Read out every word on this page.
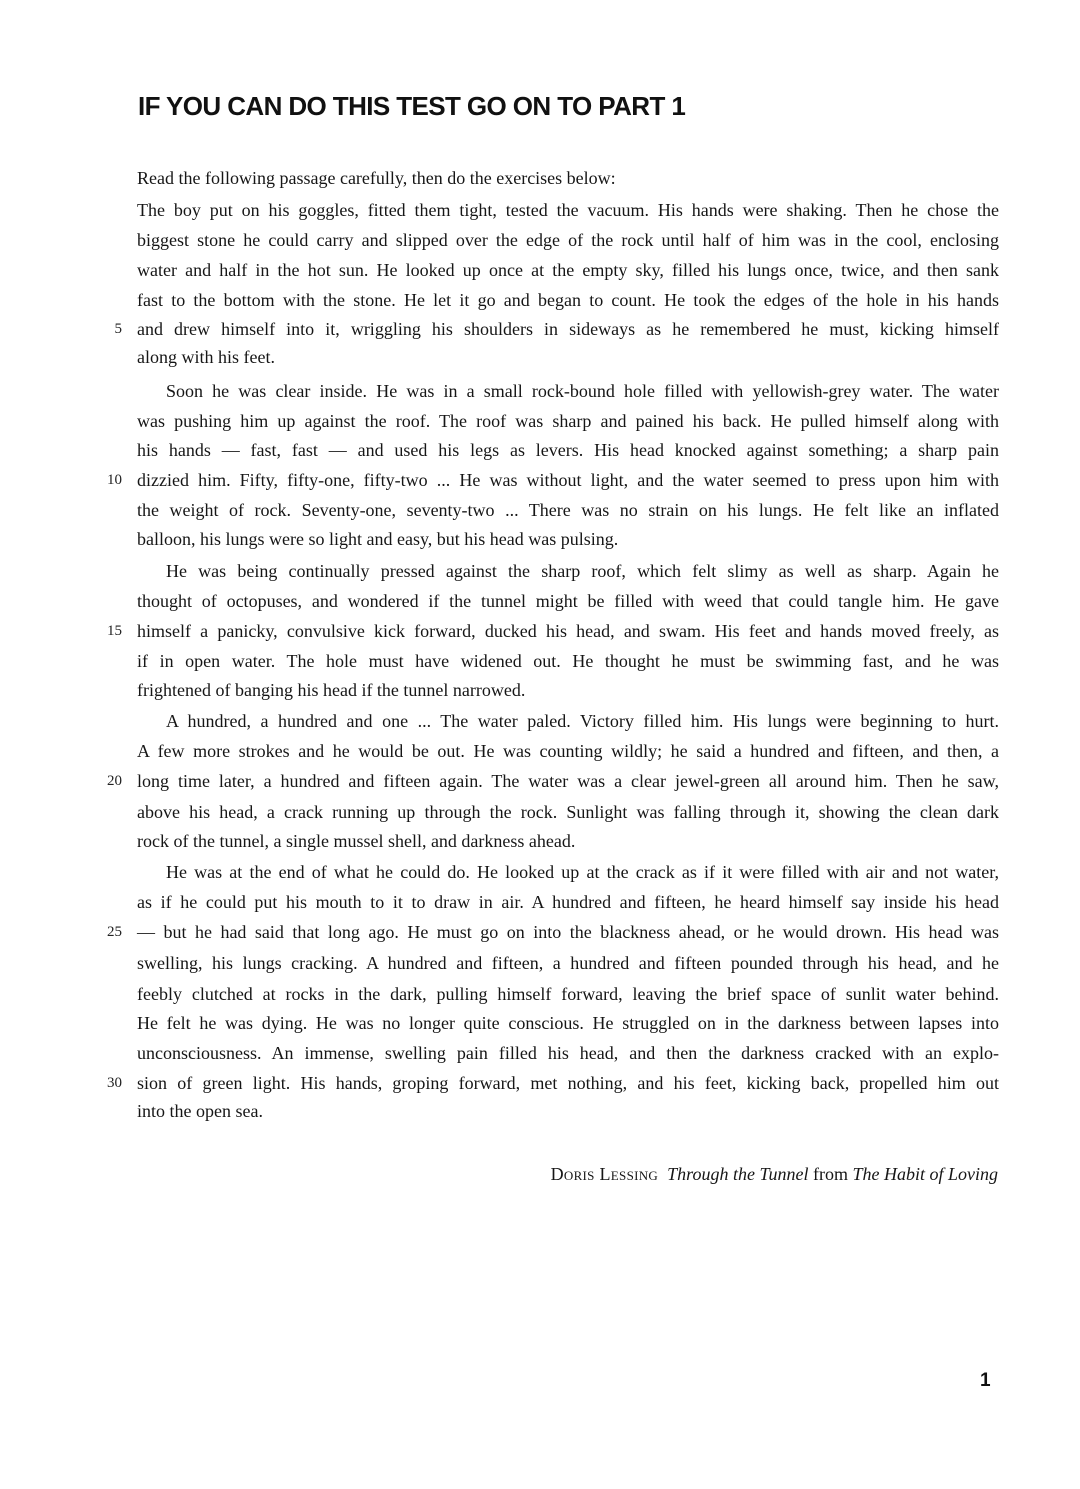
IF YOU CAN DO THIS TEST GO ON TO PART 1
Read the following passage carefully, then do the exercises below:
The boy put on his goggles, fitted them tight, tested the vacuum. His hands were shaking. Then he chose the
biggest stone he could carry and slipped over the edge of the rock until half of him was in the cool, enclosing
water and half in the hot sun. He looked up once at the empty sky, filled his lungs once, twice, and then sank
fast to the bottom with the stone. He let it go and began to count. He took the edges of the hole in his hands
and drew himself into it, wriggling his shoulders in sideways as he remembered he must, kicking himself
along with his feet.
Soon he was clear inside. He was in a small rock-bound hole filled with yellowish-grey water. The water
was pushing him up against the roof. The roof was sharp and pained his back. He pulled himself along with
his hands — fast, fast — and used his legs as levers. His head knocked against something; a sharp pain
dizzied him. Fifty, fifty-one, fifty-two ... He was without light, and the water seemed to press upon him with
the weight of rock. Seventy-one, seventy-two ... There was no strain on his lungs. He felt like an inflated
balloon, his lungs were so light and easy, but his head was pulsing.
He was being continually pressed against the sharp roof, which felt slimy as well as sharp. Again he
thought of octopuses, and wondered if the tunnel might be filled with weed that could tangle him. He gave
himself a panicky, convulsive kick forward, ducked his head, and swam. His feet and hands moved freely, as
if in open water. The hole must have widened out. He thought he must be swimming fast, and he was
frightened of banging his head if the tunnel narrowed.
A hundred, a hundred and one ... The water paled. Victory filled him. His lungs were beginning to hurt.
A few more strokes and he would be out. He was counting wildly; he said a hundred and fifteen, and then, a
long time later, a hundred and fifteen again. The water was a clear jewel-green all around him. Then he saw,
above his head, a crack running up through the rock. Sunlight was falling through it, showing the clean dark
rock of the tunnel, a single mussel shell, and darkness ahead.
He was at the end of what he could do. He looked up at the crack as if it were filled with air and not water,
as if he could put his mouth to it to draw in air. A hundred and fifteen, he heard himself say inside his head
— but he had said that long ago. He must go on into the blackness ahead, or he would drown. His head was
swelling, his lungs cracking. A hundred and fifteen, a hundred and fifteen pounded through his head, and he
feebly clutched at rocks in the dark, pulling himself forward, leaving the brief space of sunlit water behind.
He felt he was dying. He was no longer quite conscious. He struggled on in the darkness between lapses into
unconsciousness. An immense, swelling pain filled his head, and then the darkness cracked with an explo-
sion of green light. His hands, groping forward, met nothing, and his feet, kicking back, propelled him out
into the open sea.
5
10
15
20
25
30
Doris Lessing Through the Tunnel from The Habit of Loving
1
